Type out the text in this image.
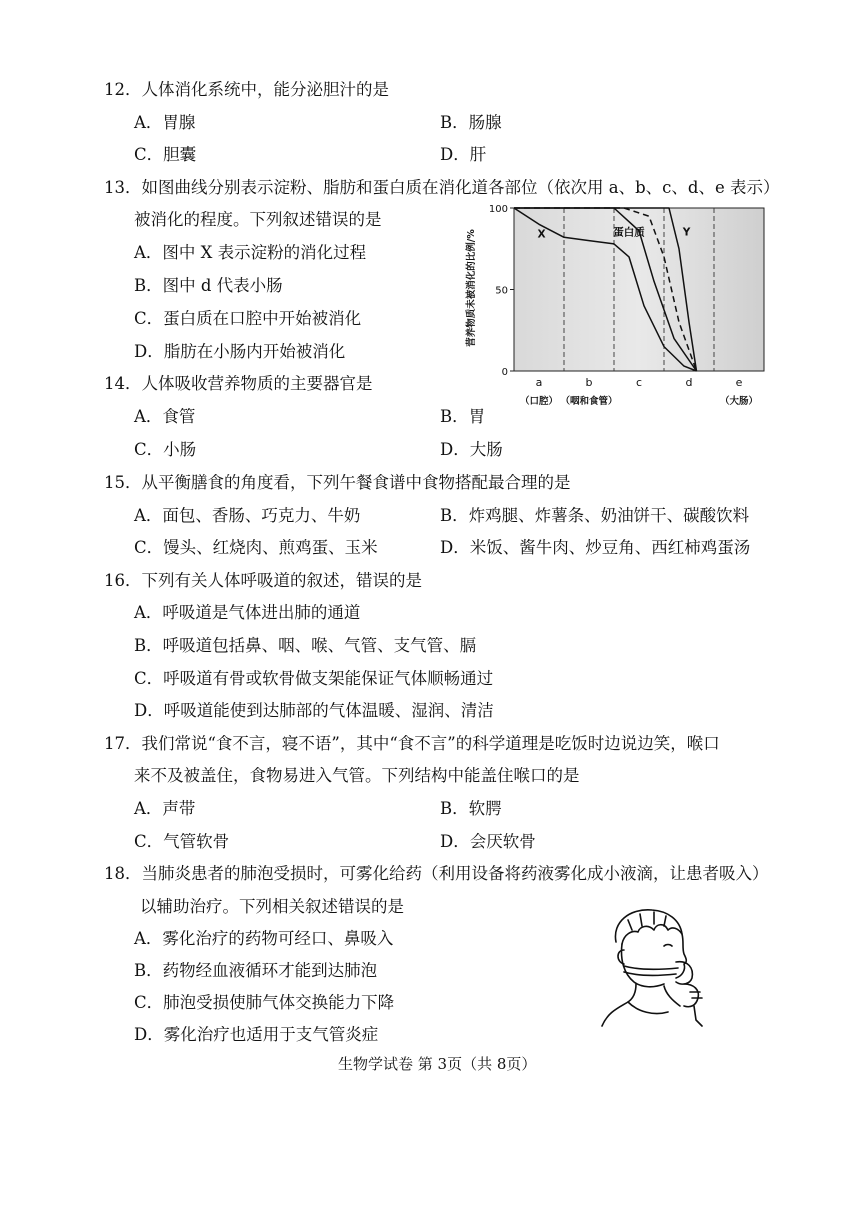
12．人体消化系统中，能分泌胆汁的是
A．胃腺	B．肠腺
C．胆囊	D．肝
13．如图曲线分别表示淀粉、脂肪和蛋白质在消化道各部位（依次用 a、b、c、d、e 表示）
被消化的程度。下列叙述错误的是
A．图中 X 表示淀粉的消化过程
B．图中 d 代表小肠
C．蛋白质在口腔中开始被消化
D．脂肪在小肠内开始被消化
营养物质未被消化的比例/%
100
50
0
X	蛋白质	Y
a	b	c	d	e
（口腔） （咽和食管）	（大肠）
14．人体吸收营养物质的主要器官是
A．食管	B．胃
C．小肠	D．大肠
15．从平衡膳食的角度看，下列午餐食谱中食物搭配最合理的是
A．面包、香肠、巧克力、牛奶	B．炸鸡腿、炸薯条、奶油饼干、碳酸饮料
C．馒头、红烧肉、煎鸡蛋、玉米	D．米饭、酱牛肉、炒豆角、西红柿鸡蛋汤
16．下列有关人体呼吸道的叙述，错误的是
A．呼吸道是气体进出肺的通道
B．呼吸道包括鼻、咽、喉、气管、支气管、膈
C．呼吸道有骨或软骨做支架能保证气体顺畅通过
D．呼吸道能使到达肺部的气体温暖、湿润、清洁
17．我们常说“食不言，寝不语”，其中“食不言”的科学道理是吃饭时边说边笑，喉口
来不及被盖住，食物易进入气管。下列结构中能盖住喉口的是
A．声带	B．软腭
C．气管软骨	D．会厌软骨
18．当肺炎患者的肺泡受损时，可雾化给药（利用设备将药液雾化成小液滴，让患者吸入）
以辅助治疗。下列相关叙述错误的是
A．雾化治疗的药物可经口、鼻吸入
B．药物经血液循环才能到达肺泡
C．肺泡受损使肺气体交换能力下降
D．雾化治疗也适用于支气管炎症
生物学试卷 第 3页（共 8页）
